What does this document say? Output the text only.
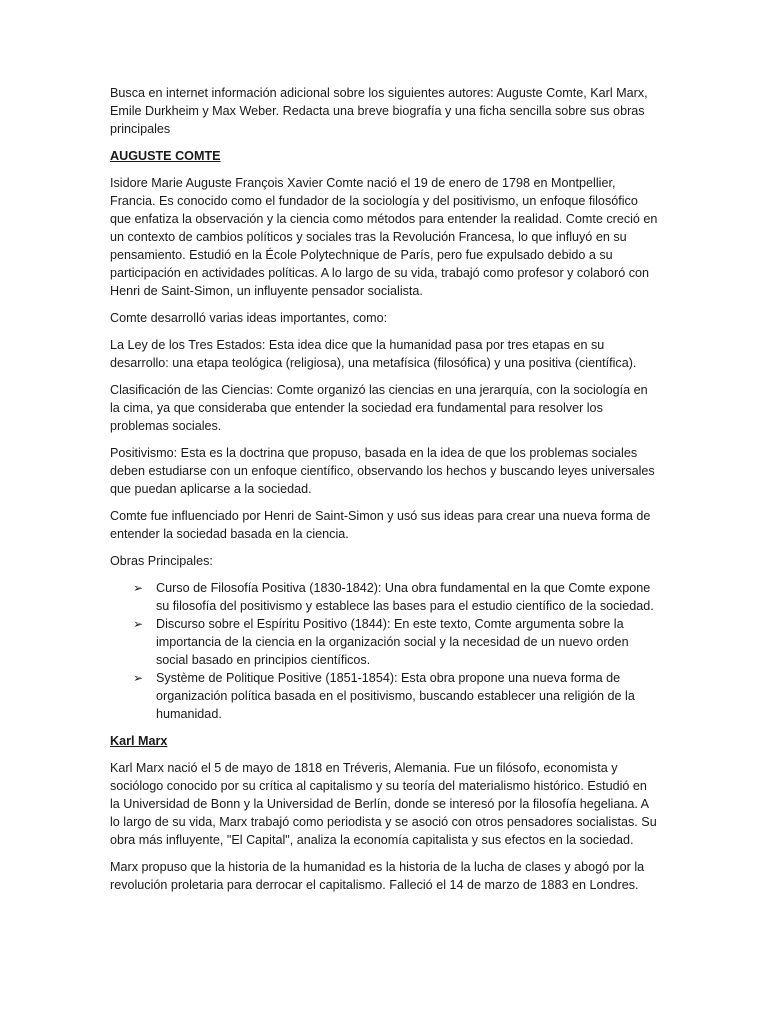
Busca en internet información adicional sobre los siguientes autores: Auguste Comte, Karl Marx, Emile Durkheim y Max Weber. Redacta una breve biografía y una ficha sencilla sobre sus obras principales

AUGUSTE COMTE

Isidore Marie Auguste François Xavier Comte nació el 19 de enero de 1798 en Montpellier, Francia. Es conocido como el fundador de la sociología y del positivismo, un enfoque filosófico que enfatiza la observación y la ciencia como métodos para entender la realidad. Comte creció en un contexto de cambios políticos y sociales tras la Revolución Francesa, lo que influyó en su pensamiento. Estudió en la École Polytechnique de París, pero fue expulsado debido a su participación en actividades políticas. A lo largo de su vida, trabajó como profesor y colaboró con Henri de Saint-Simon, un influyente pensador socialista.

Comte desarrolló varias ideas importantes, como:

La Ley de los Tres Estados: Esta idea dice que la humanidad pasa por tres etapas en su desarrollo: una etapa teológica (religiosa), una metafísica (filosófica) y una positiva (científica).

Clasificación de las Ciencias: Comte organizó las ciencias en una jerarquía, con la sociología en la cima, ya que consideraba que entender la sociedad era fundamental para resolver los problemas sociales.

Positivismo: Esta es la doctrina que propuso, basada en la idea de que los problemas sociales deben estudiarse con un enfoque científico, observando los hechos y buscando leyes universales que puedan aplicarse a la sociedad.

Comte fue influenciado por Henri de Saint-Simon y usó sus ideas para crear una nueva forma de entender la sociedad basada en la ciencia.

Obras Principales:

➢ Curso de Filosofía Positiva (1830-1842): Una obra fundamental en la que Comte expone su filosofía del positivismo y establece las bases para el estudio científico de la sociedad.
➢ Discurso sobre el Espíritu Positivo (1844): En este texto, Comte argumenta sobre la importancia de la ciencia en la organización social y la necesidad de un nuevo orden social basado en principios científicos.
➢ Système de Politique Positive (1851-1854): Esta obra propone una nueva forma de organización política basada en el positivismo, buscando establecer una religión de la humanidad.

Karl Marx

Karl Marx nació el 5 de mayo de 1818 en Tréveris, Alemania. Fue un filósofo, economista y sociólogo conocido por su crítica al capitalismo y su teoría del materialismo histórico. Estudió en la Universidad de Bonn y la Universidad de Berlín, donde se interesó por la filosofía hegeliana. A lo largo de su vida, Marx trabajó como periodista y se asoció con otros pensadores socialistas. Su obra más influyente, "El Capital", analiza la economía capitalista y sus efectos en la sociedad.

Marx propuso que la historia de la humanidad es la historia de la lucha de clases y abogó por la revolución proletaria para derrocar el capitalismo. Falleció el 14 de marzo de 1883 en Londres.
